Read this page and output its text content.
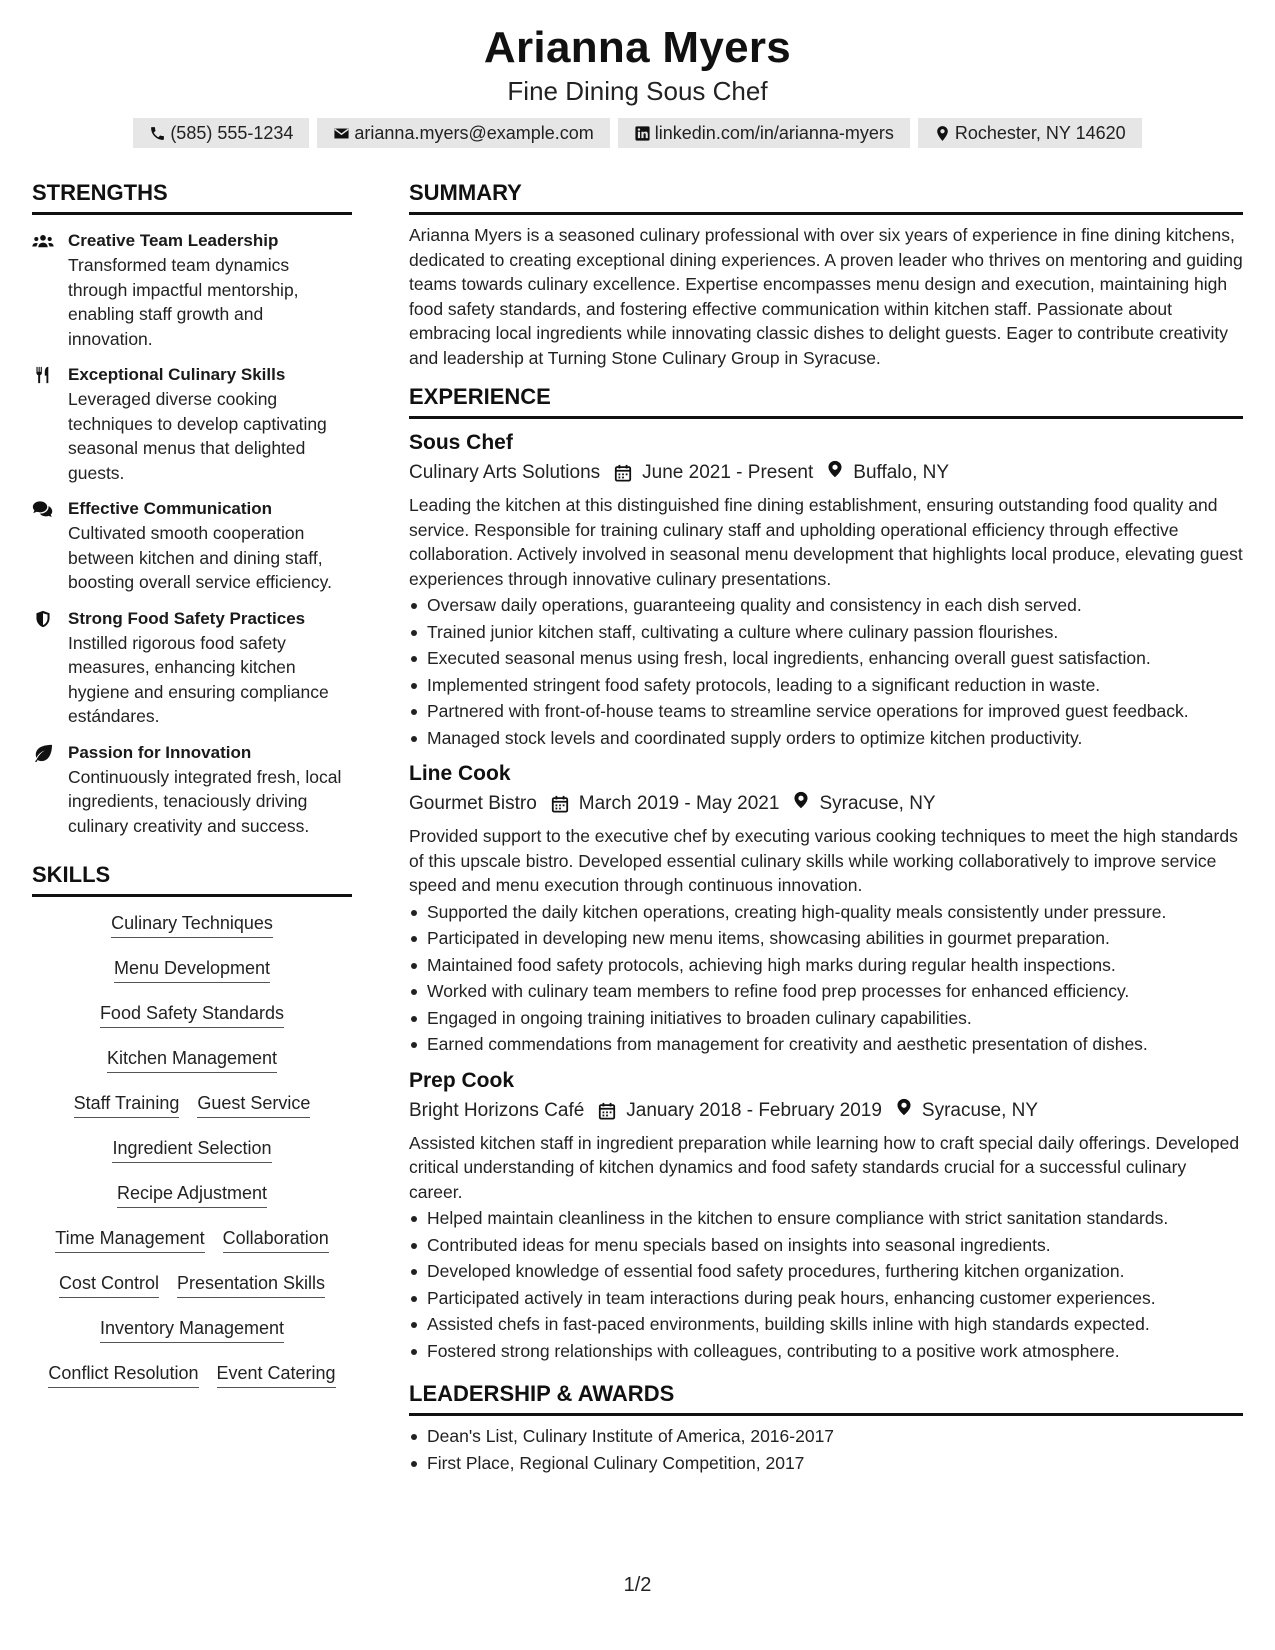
Arianna Myers
Fine Dining Sous Chef
(585) 555-1234	arianna.myers@example.com	linkedin.com/in/arianna-myers	Rochester, NY 14620
STRENGTHS
Creative Team Leadership
Transformed team dynamics through impactful mentorship, enabling staff growth and innovation.
Exceptional Culinary Skills
Leveraged diverse cooking techniques to develop captivating seasonal menus that delighted guests.
Effective Communication
Cultivated smooth cooperation between kitchen and dining staff, boosting overall service efficiency.
Strong Food Safety Practices
Instilled rigorous food safety measures, enhancing kitchen hygiene and ensuring compliance estándares.
Passion for Innovation
Continuously integrated fresh, local ingredients, tenaciously driving culinary creativity and success.
SKILLS
Culinary Techniques
Menu Development
Food Safety Standards
Kitchen Management
Staff Training Guest Service
Ingredient Selection
Recipe Adjustment
Time Management Collaboration
Cost Control Presentation Skills
Inventory Management
Conflict Resolution Event Catering
SUMMARY
Arianna Myers is a seasoned culinary professional with over six years of experience in fine dining kitchens, dedicated to creating exceptional dining experiences. A proven leader who thrives on mentoring and guiding teams towards culinary excellence. Expertise encompasses menu design and execution, maintaining high food safety standards, and fostering effective communication within kitchen staff. Passionate about embracing local ingredients while innovating classic dishes to delight guests. Eager to contribute creativity and leadership at Turning Stone Culinary Group in Syracuse.
EXPERIENCE
Sous Chef
Culinary Arts Solutions June 2021 - Present Buffalo, NY
Leading the kitchen at this distinguished fine dining establishment, ensuring outstanding food quality and service. Responsible for training culinary staff and upholding operational efficiency through effective collaboration. Actively involved in seasonal menu development that highlights local produce, elevating guest experiences through innovative culinary presentations.
Oversaw daily operations, guaranteeing quality and consistency in each dish served.
Trained junior kitchen staff, cultivating a culture where culinary passion flourishes.
Executed seasonal menus using fresh, local ingredients, enhancing overall guest satisfaction.
Implemented stringent food safety protocols, leading to a significant reduction in waste.
Partnered with front-of-house teams to streamline service operations for improved guest feedback.
Managed stock levels and coordinated supply orders to optimize kitchen productivity.
Line Cook
Gourmet Bistro March 2019 - May 2021 Syracuse, NY
Provided support to the executive chef by executing various cooking techniques to meet the high standards of this upscale bistro. Developed essential culinary skills while working collaboratively to improve service speed and menu execution through continuous innovation.
Supported the daily kitchen operations, creating high-quality meals consistently under pressure.
Participated in developing new menu items, showcasing abilities in gourmet preparation.
Maintained food safety protocols, achieving high marks during regular health inspections.
Worked with culinary team members to refine food prep processes for enhanced efficiency.
Engaged in ongoing training initiatives to broaden culinary capabilities.
Earned commendations from management for creativity and aesthetic presentation of dishes.
Prep Cook
Bright Horizons Café January 2018 - February 2019 Syracuse, NY
Assisted kitchen staff in ingredient preparation while learning how to craft special daily offerings. Developed critical understanding of kitchen dynamics and food safety standards crucial for a successful culinary career.
Helped maintain cleanliness in the kitchen to ensure compliance with strict sanitation standards.
Contributed ideas for menu specials based on insights into seasonal ingredients.
Developed knowledge of essential food safety procedures, furthering kitchen organization.
Participated actively in team interactions during peak hours, enhancing customer experiences.
Assisted chefs in fast-paced environments, building skills inline with high standards expected.
Fostered strong relationships with colleagues, contributing to a positive work atmosphere.
LEADERSHIP & AWARDS
Dean's List, Culinary Institute of America, 2016-2017
First Place, Regional Culinary Competition, 2017
1/2
